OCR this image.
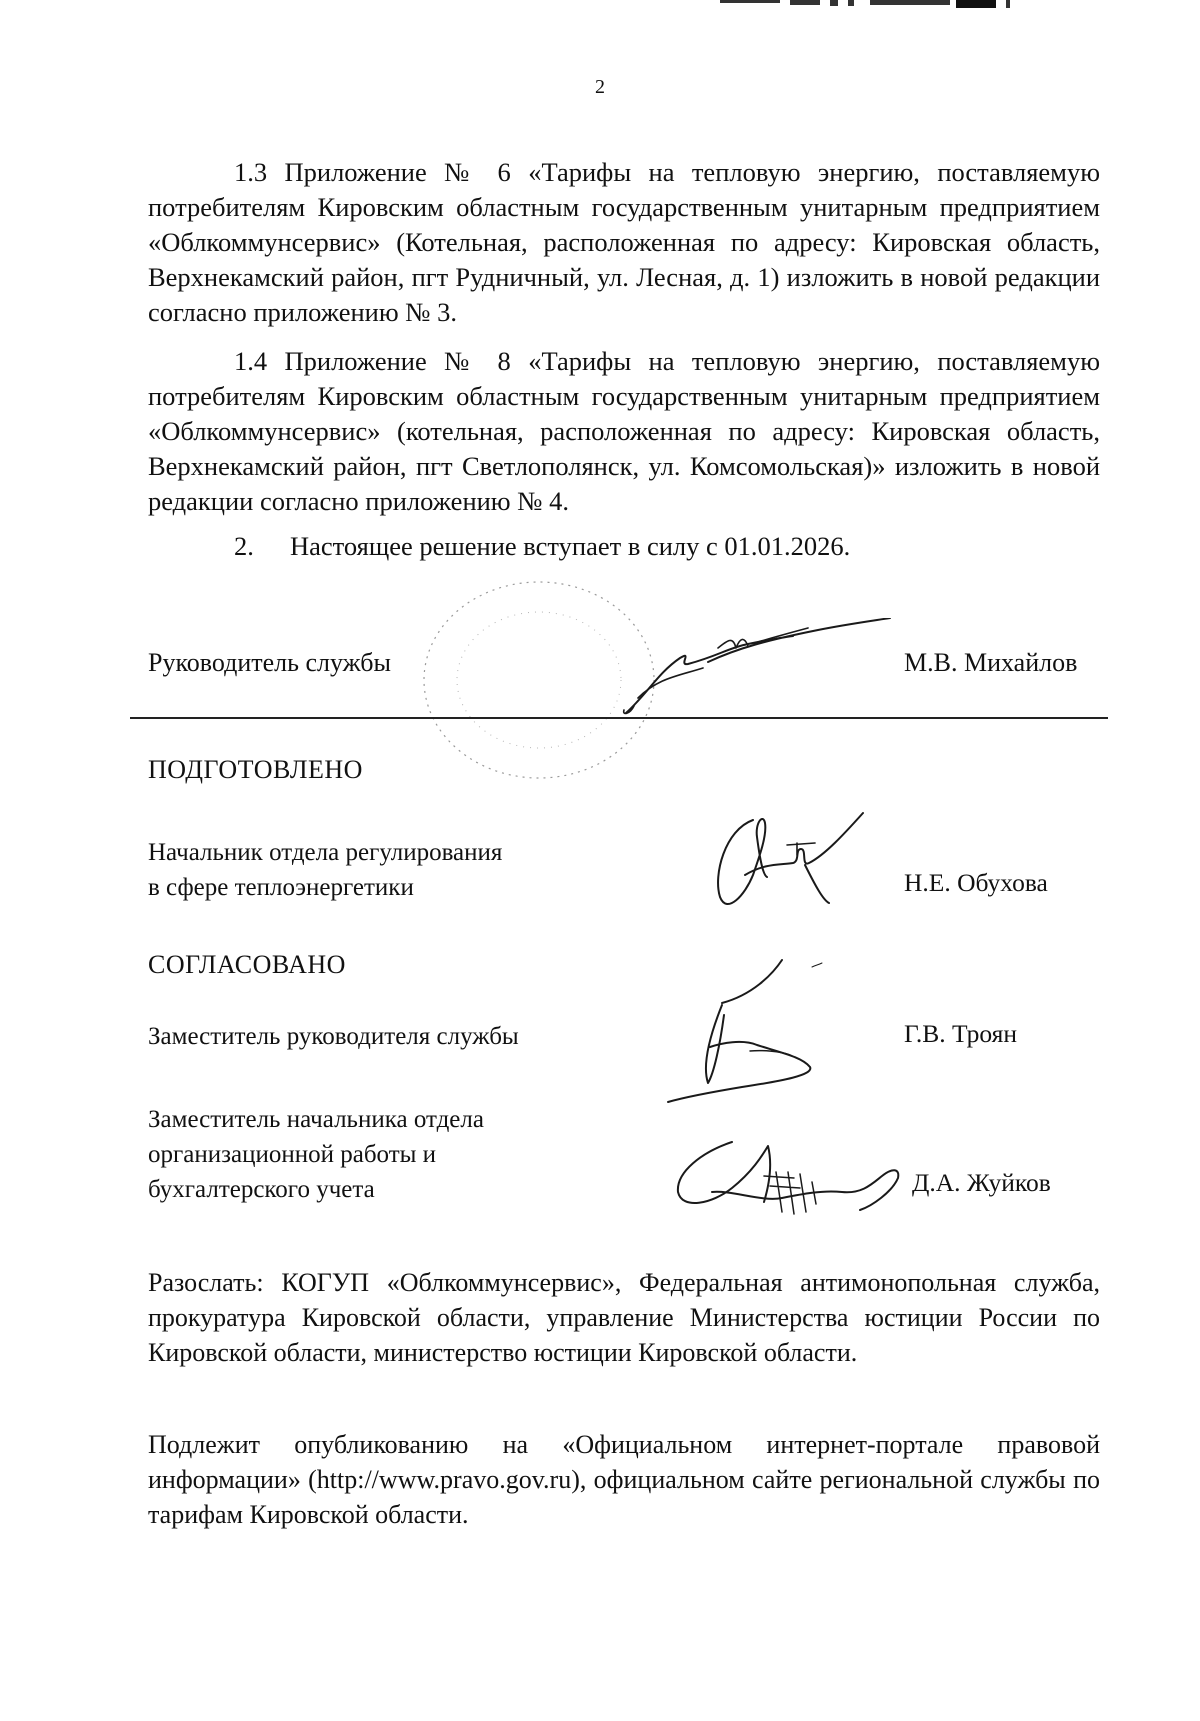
2

1.3 Приложение № 6 «Тарифы на тепловую энергию, поставляемую потребителям Кировским областным государственным унитарным предприятием «Облкоммунсервис» (Котельная, расположенная по адресу: Кировская область, Верхнекамский район, пгт Рудничный, ул. Лесная, д. 1) изложить в новой редакции согласно приложению № 3.

1.4 Приложение № 8 «Тарифы на тепловую энергию, поставляемую потребителям Кировским областным государственным унитарным предприятием «Облкоммунсервис» (котельная, расположенная по адресу: Кировская область, Верхнекамский район, пгт Светлополянск, ул. Комсомольская)» изложить в новой редакции согласно приложению № 4.

2. Настоящее решение вступает в силу с 01.01.2026.
Руководитель службы	М.В. Михайлов
ПОДГОТОВЛЕНО
Начальник отдела регулирования
в сфере теплоэнергетики	Н.Е. Обухова
СОГЛАСОВАНО
Заместитель руководителя службы	Г.В. Троян
Заместитель начальника отдела
организационной работы и
бухгалтерского учета	Д.А. Жуйков

Разослать: КОГУП «Облкоммунсервис», Федеральная антимонопольная служба, прокуратура Кировской области, управление Министерства юстиции России по Кировской области, министерство юстиции Кировской области.

Подлежит опубликованию на «Официальном интернет-портале правовой информации» (http://www.pravo.gov.ru), официальном сайте региональной службы по тарифам Кировской области.
